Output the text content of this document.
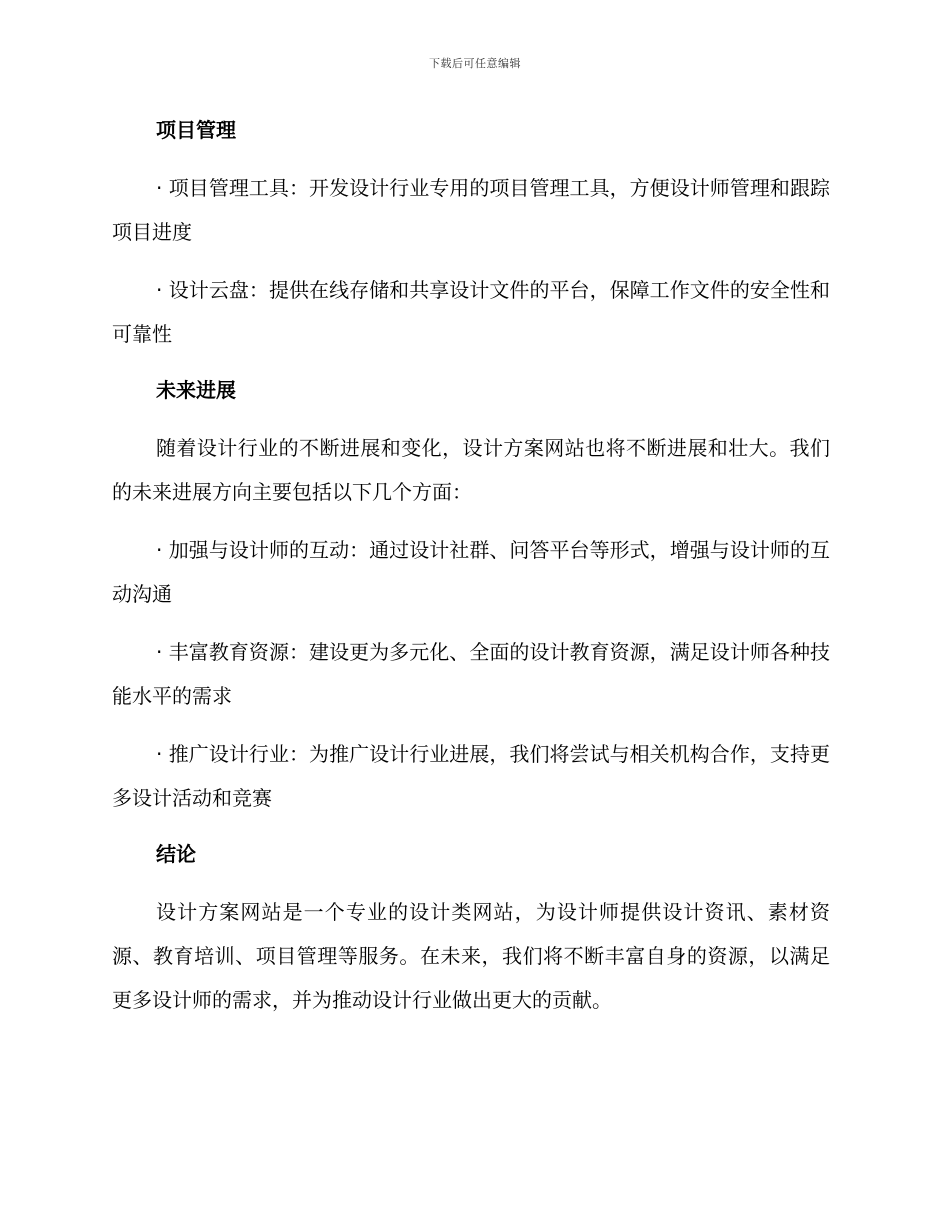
下载后可任意编辑
项目管理

· 项目管理工具：开发设计行业专用的项目管理工具，方便设计师管理和跟踪项目进度

· 设计云盘：提供在线存储和共享设计文件的平台，保障工作文件的安全性和可靠性

未来进展

随着设计行业的不断进展和变化，设计方案网站也将不断进展和壮大。我们的未来进展方向主要包括以下几个方面：

· 加强与设计师的互动：通过设计社群、问答平台等形式，增强与设计师的互动沟通

· 丰富教育资源：建设更为多元化、全面的设计教育资源，满足设计师各种技能水平的需求

· 推广设计行业：为推广设计行业进展，我们将尝试与相关机构合作，支持更多设计活动和竞赛

结论

设计方案网站是一个专业的设计类网站，为设计师提供设计资讯、素材资源、教育培训、项目管理等服务。在未来，我们将不断丰富自身的资源，以满足更多设计师的需求，并为推动设计行业做出更大的贡献。
